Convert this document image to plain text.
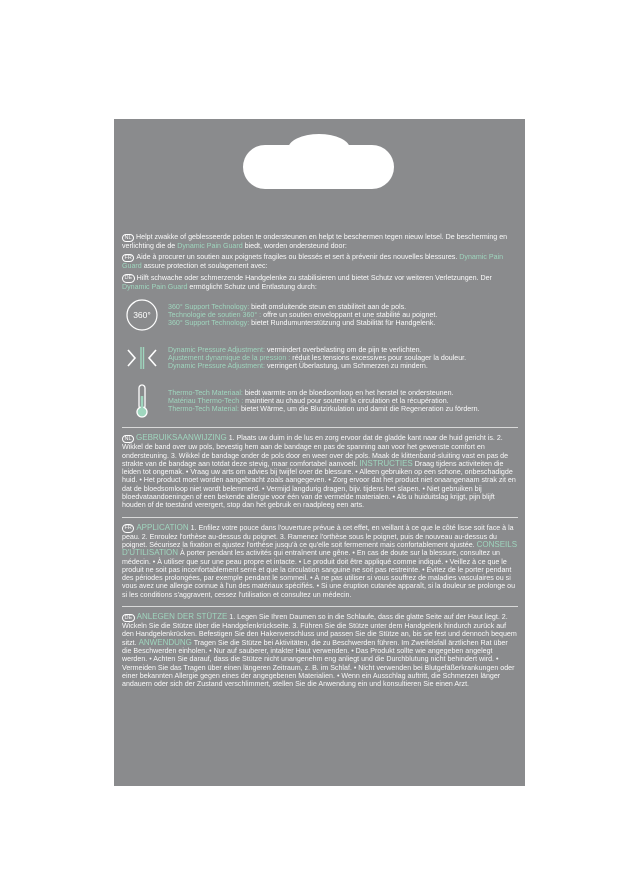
NL Helpt zwakke of geblesseerde polsen te ondersteunen en helpt te beschermen tegen nieuw letsel. De bescherming en verlichting die de Dynamic Pain Guard biedt, worden ondersteund door:
FR Aide à procurer un soutien aux poignets fragiles ou blessés et sert à prévenir des nouvelles blessures. Dynamic Pain Guard assure protection et soulagement avec:
DE Hilft schwache oder schmerzende Handgelenke zu stabilisieren und bietet Schutz vor weiteren Verletzungen. Der Dynamic Pain Guard ermöglicht Schutz und Entlastung durch:
360°
360° Support Technology: biedt omsluitende steun en stabiliteit aan de pols.
Technologie de soutien 360° : offre un soutien enveloppant et une stabilité au poignet.
360° Support Technology: bietet Rundumunterstützung und Stabilität für Handgelenk.
Dynamic Pressure Adjustment: vermindert overbelasting om de pijn te verlichten.
Ajustement dynamique de la pression : réduit les tensions excessives pour soulager la douleur.
Dynamic Pressure Adjustment: verringert Überlastung, um Schmerzen zu mindern.
Thermo-Tech Materiaal: biedt warmte om de bloedsomloop en het herstel te ondersteunen.
Matériau Thermo-Tech : maintient au chaud pour soutenir la circulation et la récupération.
Thermo-Tech Material: bietet Wärme, um die Blutzirkulation und damit die Regeneration zu fördern.
NL GEBRUIKSAANWIJZING 1. Plaats uw duim in de lus en zorg ervoor dat de gladde kant naar de huid gericht is. 2. Wikkel de band over uw pols, bevestig hem aan de bandage en pas de spanning aan voor het gewenste comfort en ondersteuning. 3. Wikkel de bandage onder de pols door en weer over de pols. Maak de klittenband-sluiting vast en pas de strakte van de bandage aan totdat deze stevig, maar comfortabel aanvoelt. INSTRUCTIES Draag tijdens activiteiten die leiden tot ongemak. • Vraag uw arts om advies bij twijfel over de blessure. • Alleen gebruiken op een schone, onbeschadigde huid. • Het product moet worden aangebracht zoals aangegeven. • Zorg ervoor dat het product niet onaangenaam strak zit en dat de bloedsomloop niet wordt belemmerd. • Vermijd langdurig dragen, bijv. tijdens het slapen. • Niet gebruiken bij bloedvataandoeningen of een bekende allergie voor één van de vermelde materialen. • Als u huiduitslag krijgt, pijn blijft houden of de toestand verergert, stop dan het gebruik en raadpleeg een arts.
FR APPLICATION 1. Enfilez votre pouce dans l'ouverture prévue à cet effet, en veillant à ce que le côté lisse soit face à la peau. 2. Enroulez l'orthèse au-dessus du poignet. 3. Ramenez l'orthèse sous le poignet, puis de nouveau au-dessus du poignet. Sécurisez la fixation et ajustez l'orthèse jusqu'à ce qu'elle soit fermement mais confortablement ajustée. CONSEILS D'UTILISATION À porter pendant les activités qui entraînent une gêne. • En cas de doute sur la blessure, consultez un médecin. • À utiliser que sur une peau propre et intacte. • Le produit doit être appliqué comme indiqué. • Veillez à ce que le produit ne soit pas inconfortablement serré et que la circulation sanguine ne soit pas restreinte. • Évitez de le porter pendant des périodes prolongées, par exemple pendant le sommeil. • À ne pas utiliser si vous souffrez de maladies vasculaires ou si vous avez une allergie connue à l'un des matériaux spécifiés. • Si une éruption cutanée apparaît, si la douleur se prolonge ou si les conditions s'aggravent, cessez l'utilisation et consultez un médecin.
DE ANLEGEN DER STÜTZE 1. Legen Sie Ihren Daumen so in die Schlaufe, dass die glatte Seite auf der Haut liegt. 2. Wickeln Sie die Stütze über die Handgelenkrückseite. 3. Führen Sie die Stütze unter dem Handgelenk hindurch zurück auf den Handgelenkrücken. Befestigen Sie den Hakenverschluss und passen Sie die Stütze an, bis sie fest und dennoch bequem sitzt. ANWENDUNG Tragen Sie die Stütze bei Aktivitäten, die zu Beschwerden führen. Im Zweifelsfall ärztlichen Rat über die Beschwerden einholen. • Nur auf sauberer, intakter Haut verwenden. • Das Produkt sollte wie angegeben angelegt werden. • Achten Sie darauf, dass die Stütze nicht unangenehm eng anliegt und die Durchblutung nicht behindert wird. • Vermeiden Sie das Tragen über einen längeren Zeitraum, z. B. im Schlaf. • Nicht verwenden bei Blutgefäßerkrankungen oder einer bekannten Allergie gegen eines der angegebenen Materialien. • Wenn ein Ausschlag auftritt, die Schmerzen länger andauern oder sich der Zustand verschlimmert, stellen Sie die Anwendung ein und konsultieren Sie einen Arzt.
